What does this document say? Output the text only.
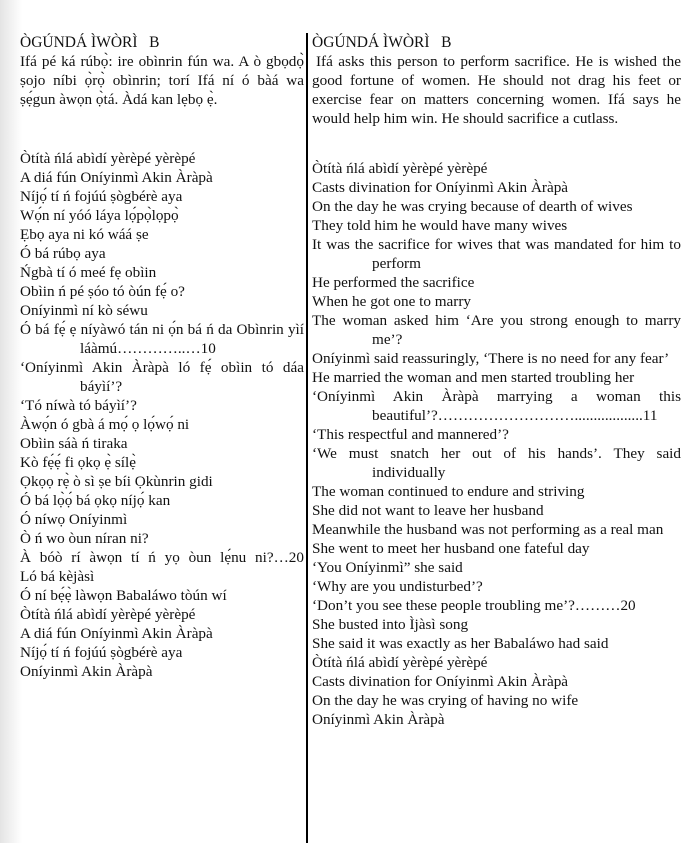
ÒGÚNDÁ ÌWÒRÌ   B

Ifá pé ká rúbọ̀: ire obìnrin fún wa. A ò gbọdọ̀ ṣojo níbi ọ̀rọ̀ obìnrin; torí Ifá ní ó bàá wa ṣẹ́gun àwọn ọ̀tá. Àdá kan lẹbọ ẹ̀.

Òtítà ńlá abìdí yèrèpé yèrèpé
A diá fún Oníyinmì Akin Àràpà
Níjọ́ tí ń fojúú ṣògbérè aya
Wọ́n ní yóó láya lọ́pọ̀lọpọ̀
Ẹbọ aya ni kó wáá ṣe
Ó bá rúbọ aya
Ńgbà tí ó meé fẹ obìin
Obìin ń pé ṣóo tó òún fẹ́ o?
Oníyinmì ní kò séwu
Ó bá fẹ́ ẹ níyàwó tán ni ọ́n bá ń da Obìnrin yìí láàmú…………..…10
‘Oníyinmì Akin Àràpà ló fẹ́ obìin tó dáa báyìí’?
‘Tó níwà tó báyìí’?
Àwọ́n ó gbà á mọ́ ọ lọ́wọ́ ni
Obìin sáà ń tiraka
Kò fẹ́ẹ́ fi ọkọ ẹ̀ sílẹ̀
Ọkọọ rẹ̀ ò sì ṣe bíi Ọkùnrin gidi
Ó bá lọ̀ọ́ bá ọkọ níjọ́ kan
Ó níwọ Oníyinmì
Ò ń wo òun níran ni?
À bóò rí àwọn tí ń yọ òun lẹ́nu ni?…20
Ló bá kèjàsì
Ó ní bẹ́ẹ̀ làwọn Babaláwo tòún wí
Òtítà ńlá abìdí yèrèpé yèrèpé
A diá fún Oníyinmì Akin Àràpà
Níjọ́ tí ń fojúú ṣògbérè aya
Oníyinmì Akin Àràpà
ÒGÚNDÁ ÌWÒRÌ   B

Ifá asks this person to perform sacrifice. He is wished the good fortune of women. He should not drag his feet or exercise fear on matters concerning women. Ifá says he would help him win. He should sacrifice a cutlass.

Òtítà ńlá abìdí yèrèpé yèrèpé
Casts divination for Oníyinmì Akin Àràpà
On the day he was crying because of dearth of wives
They told him he would have many wives
It was the sacrifice for wives that was mandated for him to perform
He performed the sacrifice
When he got one to marry
The woman asked him ‘Are you strong enough to marry me’?
Oníyinmì said reassuringly, ‘There is no need for any fear’
He married the woman and men started troubling her
‘Oníyinmì Akin Àràpà marrying a woman this beautiful’?………………………..................11
‘This respectful and mannered’?
‘We must snatch her out of his hands’. They said individually
The woman continued to endure and striving
She did not want to leave her husband
Meanwhile the husband was not performing as a real man
She went to meet her husband one fateful day
‘You Oníyinmì” she said
‘Why are you undisturbed’?
‘Don’t you see these people troubling me’?………20
She busted into Ìjàsì song
She said it was exactly as her Babaláwo had said
Òtítà ńlá abìdí yèrèpé yèrèpé
Casts divination for Oníyinmì Akin Àràpà
On the day he was crying of having no wife
Oníyinmì Akin Àràpà
